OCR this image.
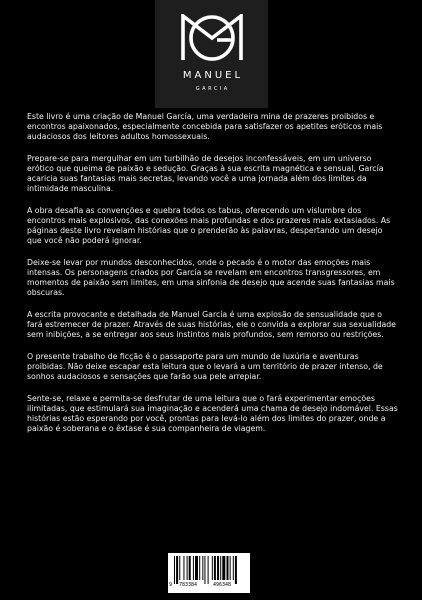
MANUEL
GARCIA

Este livro é uma criação de Manuel García, uma verdadeira mina de prazeres proibidos e encontros apaixonados, especialmente concebida para satisfazer os apetites eróticos mais audaciosos dos leitores adultos homossexuais.

Prepare-se para mergulhar em um turbilhão de desejos inconfessáveis, em um universo erótico que queima de paixão e sedução. Graças à sua escrita magnética e sensual, García acaricia suas fantasias mais secretas, levando você a uma jornada além dos limites da intimidade masculina.

A obra desafia as convenções e quebra todos os tabus, oferecendo um vislumbre dos encontros mais explosivos, das conexões mais profundas e dos prazeres mais extasiados. As páginas deste livro revelam histórias que o prenderão às palavras, despertando um desejo que você não poderá ignorar.

Deixe-se levar por mundos desconhecidos, onde o pecado é o motor das emoções mais intensas. Os personagens criados por García se revelam em encontros transgressores, em momentos de paixão sem limites, em uma sinfonia de desejo que acende suas fantasias mais obscuras.

A escrita provocante e detalhada de Manuel García é uma explosão de sensualidade que o fará estremecer de prazer. Através de suas histórias, ele o convida a explorar sua sexualidade sem inibições, a se entregar aos seus instintos mais profundos, sem remorso ou restrições.

O presente trabalho de ficção é o passaporte para um mundo de luxúria e aventuras proibidas. Não deixe escapar esta leitura que o levará a um território de prazer intenso, de sonhos audaciosos e sensações que farão sua pele arrepiar.

Sente-se, relaxe e permita-se desfrutar de uma leitura que o fará experimentar emoções ilimitadas, que estimulará sua imaginação e acenderá uma chama de desejo indomável. Essas histórias estão esperando por você, prontas para levá-lo além dos limites do prazer, onde a paixão é soberana e o êxtase é sua companheira de viagem.

9 783384	496348
